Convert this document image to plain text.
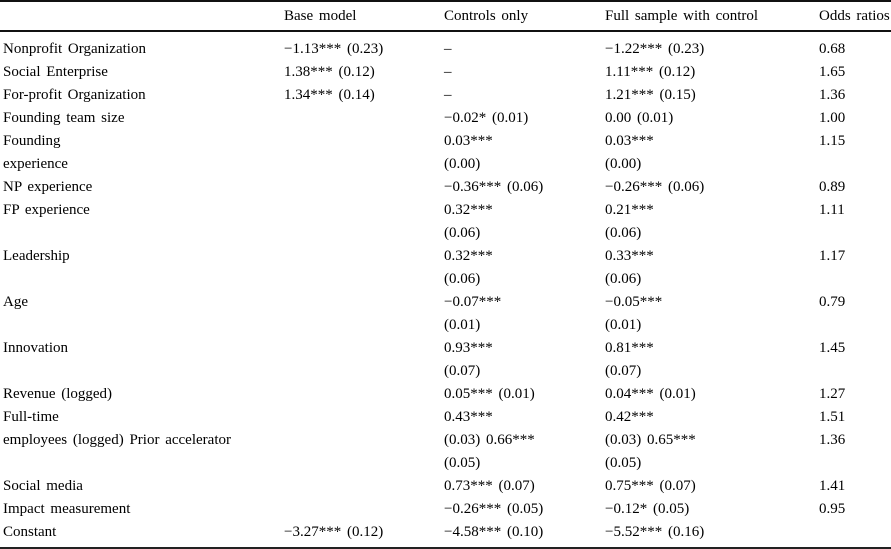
	Base model	Controls only	Full sample with control	Odds ratios
Nonprofit Organization	−1.13*** (0.23)	–	−1.22*** (0.23)	0.68
Social Enterprise	1.38*** (0.12)	–	1.11*** (0.12)	1.65
For-profit Organization	1.34*** (0.14)	–	1.21*** (0.15)	1.36
Founding team size		−0.02* (0.01)	0.00 (0.01)	1.00
Founding		0.03***	0.03***	1.15
experience		(0.00)	(0.00)	
NP experience		−0.36*** (0.06)	−0.26*** (0.06)	0.89
FP experience		0.32***	0.21***	1.11
		(0.06)	(0.06)	
Leadership		0.32***	0.33***	1.17
		(0.06)	(0.06)	
Age		−0.07***	−0.05***	0.79
		(0.01)	(0.01)	
Innovation		0.93***	0.81***	1.45
		(0.07)	(0.07)	
Revenue (logged)		0.05*** (0.01)	0.04*** (0.01)	1.27
Full-time		0.43***	0.42***	1.51
employees (logged) Prior accelerator		(0.03) 0.66***	(0.03) 0.65***	1.36
		(0.05)	(0.05)	
Social media		0.73*** (0.07)	0.75*** (0.07)	1.41
Impact measurement		−0.26*** (0.05)	−0.12* (0.05)	0.95
Constant	−3.27*** (0.12)	−4.58*** (0.10)	−5.52*** (0.16)	
